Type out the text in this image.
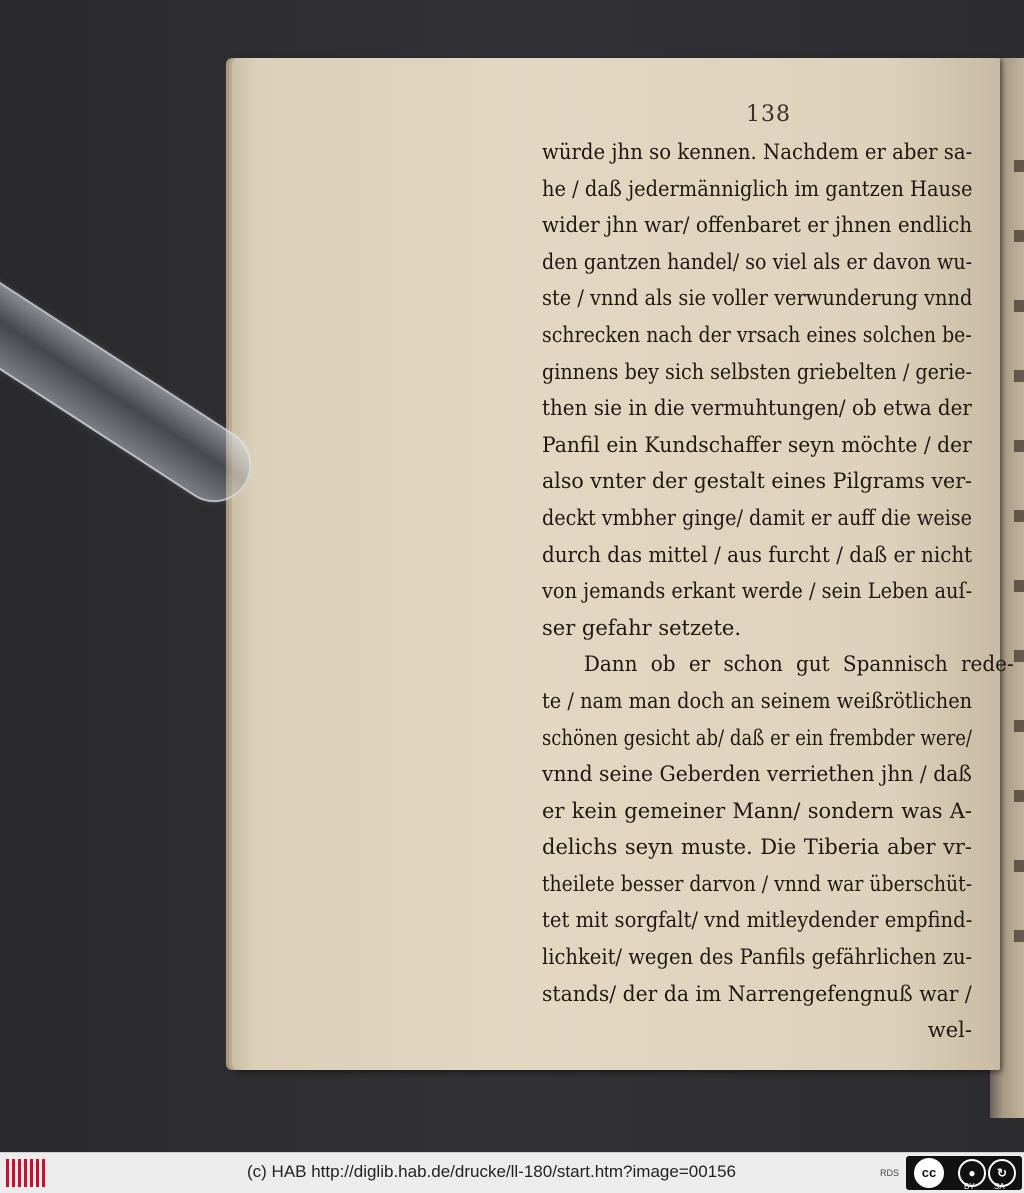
138
würde jhn so kennen. Nachdem er aber sa-
he / daß jedermänniglich im gantzen Hause
wider jhn war/ offenbaret er jhnen endlich
den gantzen handel/ so viel als er davon wu-
ste / vnnd als sie voller verwunderung vnnd
schrecken nach der vrsach eines solchen be-
ginnens bey sich selbsten griebelten / gerie-
then sie in die vermuhtungen/ ob etwa der
Panfil ein Kundschaffer seyn möchte / der
also vnter der gestalt eines Pilgrams ver-
deckt vmbher ginge/ damit er auff die weise
durch das mittel / aus furcht / daß er nicht
von jemands erkant werde / sein Leben auſ-
ser gefahr setzete.
Dann ob er schon gut Spannisch rede-
te / nam man doch an seinem weißrötlichen
schönen gesicht ab/ daß er ein frembder were/
vnnd seine Geberden verriethen jhn / daß
er kein gemeiner Mann/ sondern was A-
delichs seyn muste. Die Tiberia aber vr-
theilete besser darvon / vnnd war überschüt-
tet mit sorgfalt/ vnd mitleydender empfind-
lichkeit/ wegen des Panfils gefährlichen zu-
stands/ der da im Narrengefengnuß war /
wel-
(c) HAB http://diglib.hab.de/drucke/ll-180/start.htm?image=00156	RDS	cc	●	↻
BY SA
